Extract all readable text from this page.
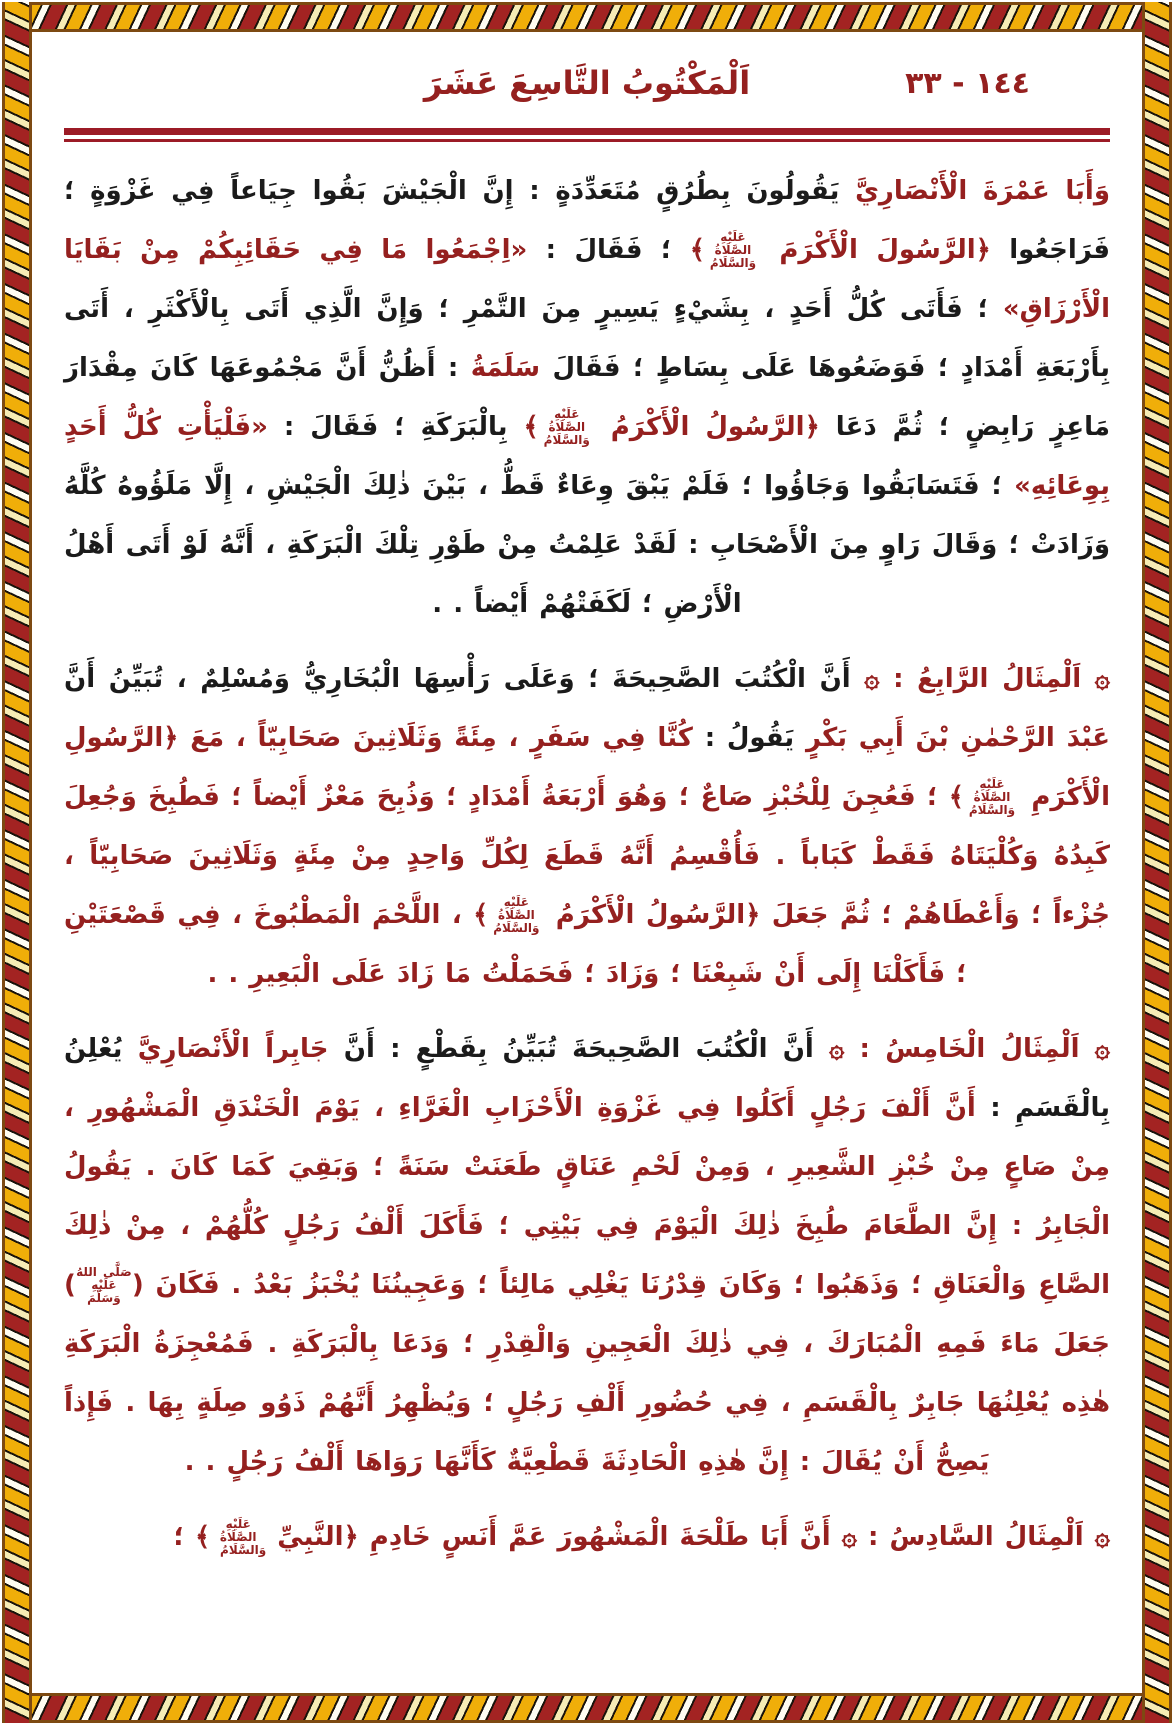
١٤٤ - ٣٣
اَلْمَكْتُوبُ التَّاسِعَ عَشَرَ

وَأَبَا عَمْرَةَ الْأَنْصَارِيَّ يَقُولُونَ بِطُرُقٍ مُتَعَدِّدَةٍ : إِنَّ الْجَيْشَ بَقُوا جِيَاعاً فِي غَزْوَةٍ ؛ فَرَاجَعُوا ﴿الرَّسُولَ الْأَكْرَمَ عَلَيْهِ الصَّلَاةُ وَالسَّلَامُ﴾ ؛ فَقَالَ : «اِجْمَعُوا مَا فِي حَقَائِبِكُمْ مِنْ بَقَايَا الْأَرْزَاقِ» ؛ فَأَتَى كُلُّ أَحَدٍ ، بِشَيْءٍ يَسِيرٍ مِنَ التَّمْرِ ؛ وَإِنَّ الَّذِي أَتَى بِالْأَكْثَرِ ، أَتَى بِأَرْبَعَةِ أَمْدَادٍ ؛ فَوَضَعُوهَا عَلَى بِسَاطٍ ؛ فَقَالَ سَلَمَةُ : أَظُنُّ أَنَّ مَجْمُوعَهَا كَانَ مِقْدَارَ مَاعِزٍ رَابِضٍ ؛ ثُمَّ دَعَا ﴿الرَّسُولُ الْأَكْرَمُ عَلَيْهِ الصَّلَاةُ وَالسَّلَامُ﴾ بِالْبَرَكَةِ ؛ فَقَالَ : «فَلْيَأْتِ كُلُّ أَحَدٍ بِوِعَائِهِ» ؛ فَتَسَابَقُوا وَجَاؤُوا ؛ فَلَمْ يَبْقَ وِعَاءٌ قَطُّ ، بَيْنَ ذٰلِكَ الْجَيْشِ ، إِلَّا مَلَؤُوهُ كُلَّهُ وَزَادَتْ ؛ وَقَالَ رَاوٍ مِنَ الْأَصْحَابِ : لَقَدْ عَلِمْتُ مِنْ طَوْرِ تِلْكَ الْبَرَكَةِ ، أَنَّهُ لَوْ أَتَى أَهْلُ الْأَرْضِ ؛ لَكَفَتْهُمْ أَيْضاً . .

۞ اَلْمِثَالُ الرَّابِعُ : ۞ أَنَّ الْكُتُبَ الصَّحِيحَةَ ؛ وَعَلَى رَأْسِهَا الْبُخَارِيُّ وَمُسْلِمٌ ، تُبَيِّنُ أَنَّ عَبْدَ الرَّحْمٰنِ بْنَ أَبِي بَكْرٍ يَقُولُ : كُنَّا فِي سَفَرٍ ، مِئَةً وَثَلَاثِينَ صَحَابِيّاً ، مَعَ ﴿الرَّسُولِ الْأَكْرَمِ عَلَيْهِ الصَّلَاةُ وَالسَّلَامُ﴾ ؛ فَعُجِنَ لِلْخُبْزِ صَاعٌ ؛ وَهُوَ أَرْبَعَةُ أَمْدَادٍ ؛ وَذُبِحَ مَعْزٌ أَيْضاً ؛ فَطُبِخَ وَجُعِلَ كَبِدُهُ وَكُلْيَتَاهُ فَقَطْ كَبَاباً . فَأُقْسِمُ أَنَّهُ قَطَعَ لِكُلِّ وَاحِدٍ مِنْ مِئَةٍ وَثَلَاثِينَ صَحَابِيّاً ، جُزْءاً ؛ وَأَعْطَاهُمْ ؛ ثُمَّ جَعَلَ ﴿الرَّسُولُ الْأَكْرَمُ عَلَيْهِ الصَّلَاةُ وَالسَّلَامُ﴾ ، اللَّحْمَ الْمَطْبُوخَ ، فِي قَصْعَتَيْنِ ؛ فَأَكَلْنَا إِلَى أَنْ شَبِعْنَا ؛ وَزَادَ ؛ فَحَمَلْتُ مَا زَادَ عَلَى الْبَعِيرِ . .

۞ اَلْمِثَالُ الْخَامِسُ : ۞ أَنَّ الْكُتُبَ الصَّحِيحَةَ تُبَيِّنُ بِقَطْعٍ : أَنَّ جَابِراً الْأَنْصَارِيَّ يُعْلِنُ بِالْقَسَمِ : أَنَّ أَلْفَ رَجُلٍ أَكَلُوا فِي غَزْوَةِ الْأَحْزَابِ الْغَرَّاءِ ، يَوْمَ الْخَنْدَقِ الْمَشْهُورِ ، مِنْ صَاعٍ مِنْ خُبْزِ الشَّعِيرِ ، وَمِنْ لَحْمِ عَنَاقٍ طَعَنَتْ سَنَةً ؛ وَبَقِيَ كَمَا كَانَ . يَقُولُ الْجَابِرُ : إِنَّ الطَّعَامَ طُبِخَ ذٰلِكَ الْيَوْمَ فِي بَيْتِي ؛ فَأَكَلَ أَلْفُ رَجُلٍ كُلُّهُمْ ، مِنْ ذٰلِكَ الصَّاعِ وَالْعَنَاقِ ؛ وَذَهَبُوا ؛ وَكَانَ قِدْرُنَا يَغْلِي مَالِئاً ؛ وَعَجِينُنَا يُخْبَزُ بَعْدُ . فَكَانَ (صَلَّى اللهُ عَلَيْهِ وَسَلَّمَ) جَعَلَ مَاءَ فَمِهِ الْمُبَارَكَ ، فِي ذٰلِكَ الْعَجِينِ وَالْقِدْرِ ؛ وَدَعَا بِالْبَرَكَةِ . فَمُعْجِزَةُ الْبَرَكَةِ هٰذِه يُعْلِنُهَا جَابِرٌ بِالْقَسَمِ ، فِي حُضُورِ أَلْفِ رَجُلٍ ؛ وَيُظْهِرُ أَنَّهُمْ ذَوُو صِلَةٍ بِهَا . فَإِذاً يَصِحُّ أَنْ يُقَالَ : إِنَّ هٰذِهِ الْحَادِثَةَ قَطْعِيَّةٌ كَأَنَّهَا رَوَاهَا أَلْفُ رَجُلٍ . .

۞ اَلْمِثَالُ السَّادِسُ : ۞ أَنَّ أَبَا طَلْحَةَ الْمَشْهُورَ عَمَّ أَنَسٍ خَادِمِ ﴿النَّبِيِّ عَلَيْهِ الصَّلَاةُ وَالسَّلَامُ﴾ ؛
